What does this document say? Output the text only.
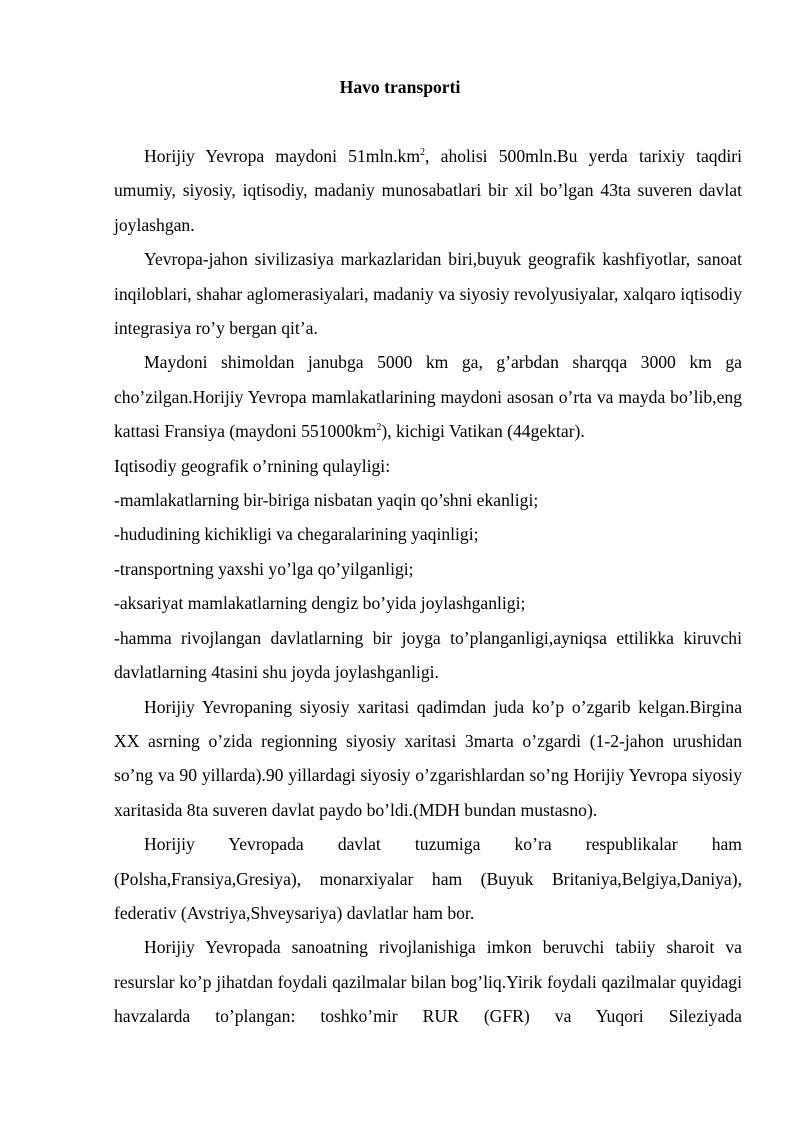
Havo transporti

Horijiy Yevropa maydoni $51mln.km^2$, aholisi 500mln.Bu yerda tarixiy taqdiri umumiy, siyosiy, iqtisodiy, madaniy munosabatlari bir xil bo’lgan 43ta suveren davlat joylashgan.

Yevropa-jahon sivilizasiya markazlaridan biri,buyuk geografik kashfiyotlar, sanoat inqiloblari, shahar aglomerasiyalari, madaniy va siyosiy revolyusiyalar, xalqaro iqtisodiy integrasiya ro’y bergan qit’a.

Maydoni shimoldan janubga 5000 km ga, g’arbdan sharqqa 3000 km ga cho’zilgan.Horijiy Yevropa mamlakatlarining maydoni asosan o’rta va mayda bo’lib,eng kattasi Fransiya (maydoni $551000km^2$), kichigi Vatikan (44gektar).

Iqtisodiy geografik o’rnining qulayligi:

-mamlakatlarning bir-biriga nisbatan yaqin qo’shni ekanligi;

-hududining kichikligi va chegaralarining yaqinligi;

-transportning yaxshi yo’lga qo’yilganligi;

-aksariyat mamlakatlarning dengiz bo’yida joylashganligi;

-hamma rivojlangan davlatlarning bir joyga to’planganligi,ayniqsa ettilikka kiruvchi davlatlarning 4tasini shu joyda joylashganligi.

Horijiy Yevropaning siyosiy xaritasi qadimdan juda ko’p o’zgarib kelgan.Birgina XX asrning o’zida regionning siyosiy xaritasi 3marta o’zgardi (1-2-jahon urushidan so’ng va 90 yillarda).90 yillardagi siyosiy o’zgarishlardan so’ng Horijiy Yevropa siyosiy xaritasida 8ta suveren davlat paydo bo’ldi.(MDH bundan mustasno).

Horijiy Yevropada davlat tuzumiga ko’ra respublikalar ham (Polsha,Fransiya,Gresiya), monarxiyalar ham (Buyuk Britaniya,Belgiya,Daniya), federativ (Avstriya,Shveysariya) davlatlar ham bor.

Horijiy Yevropada sanoatning rivojlanishiga imkon beruvchi tabiiy sharoit va resurslar ko’p jihatdan foydali qazilmalar bilan bog’liq.Yirik foydali qazilmalar quyidagi havzalarda to’plangan: toshko’mir RUR (GFR) va Yuqori Sileziyada
